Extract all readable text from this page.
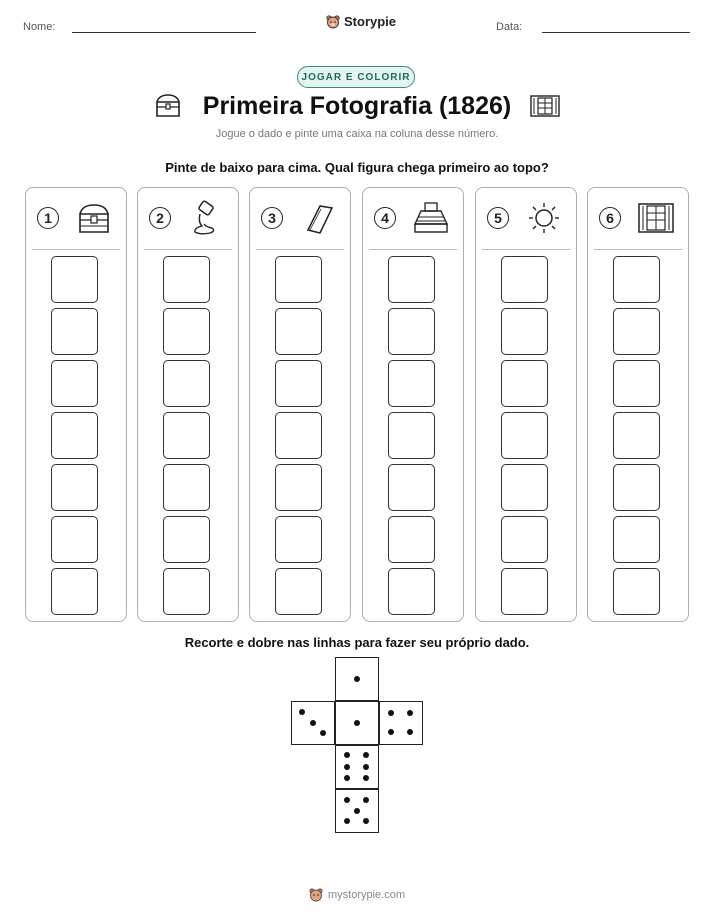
Nome:	Storypie	Data:
JOGAR E COLORIR
Primeira Fotografia (1826)
Jogue o dado e pinte uma caixa na coluna desse número.
Pinte de baixo para cima. Qual figura chega primeiro ao topo?
1	2	3	4	5	6
Recorte e dobre nas linhas para fazer seu próprio dado.
mystorypie.com
